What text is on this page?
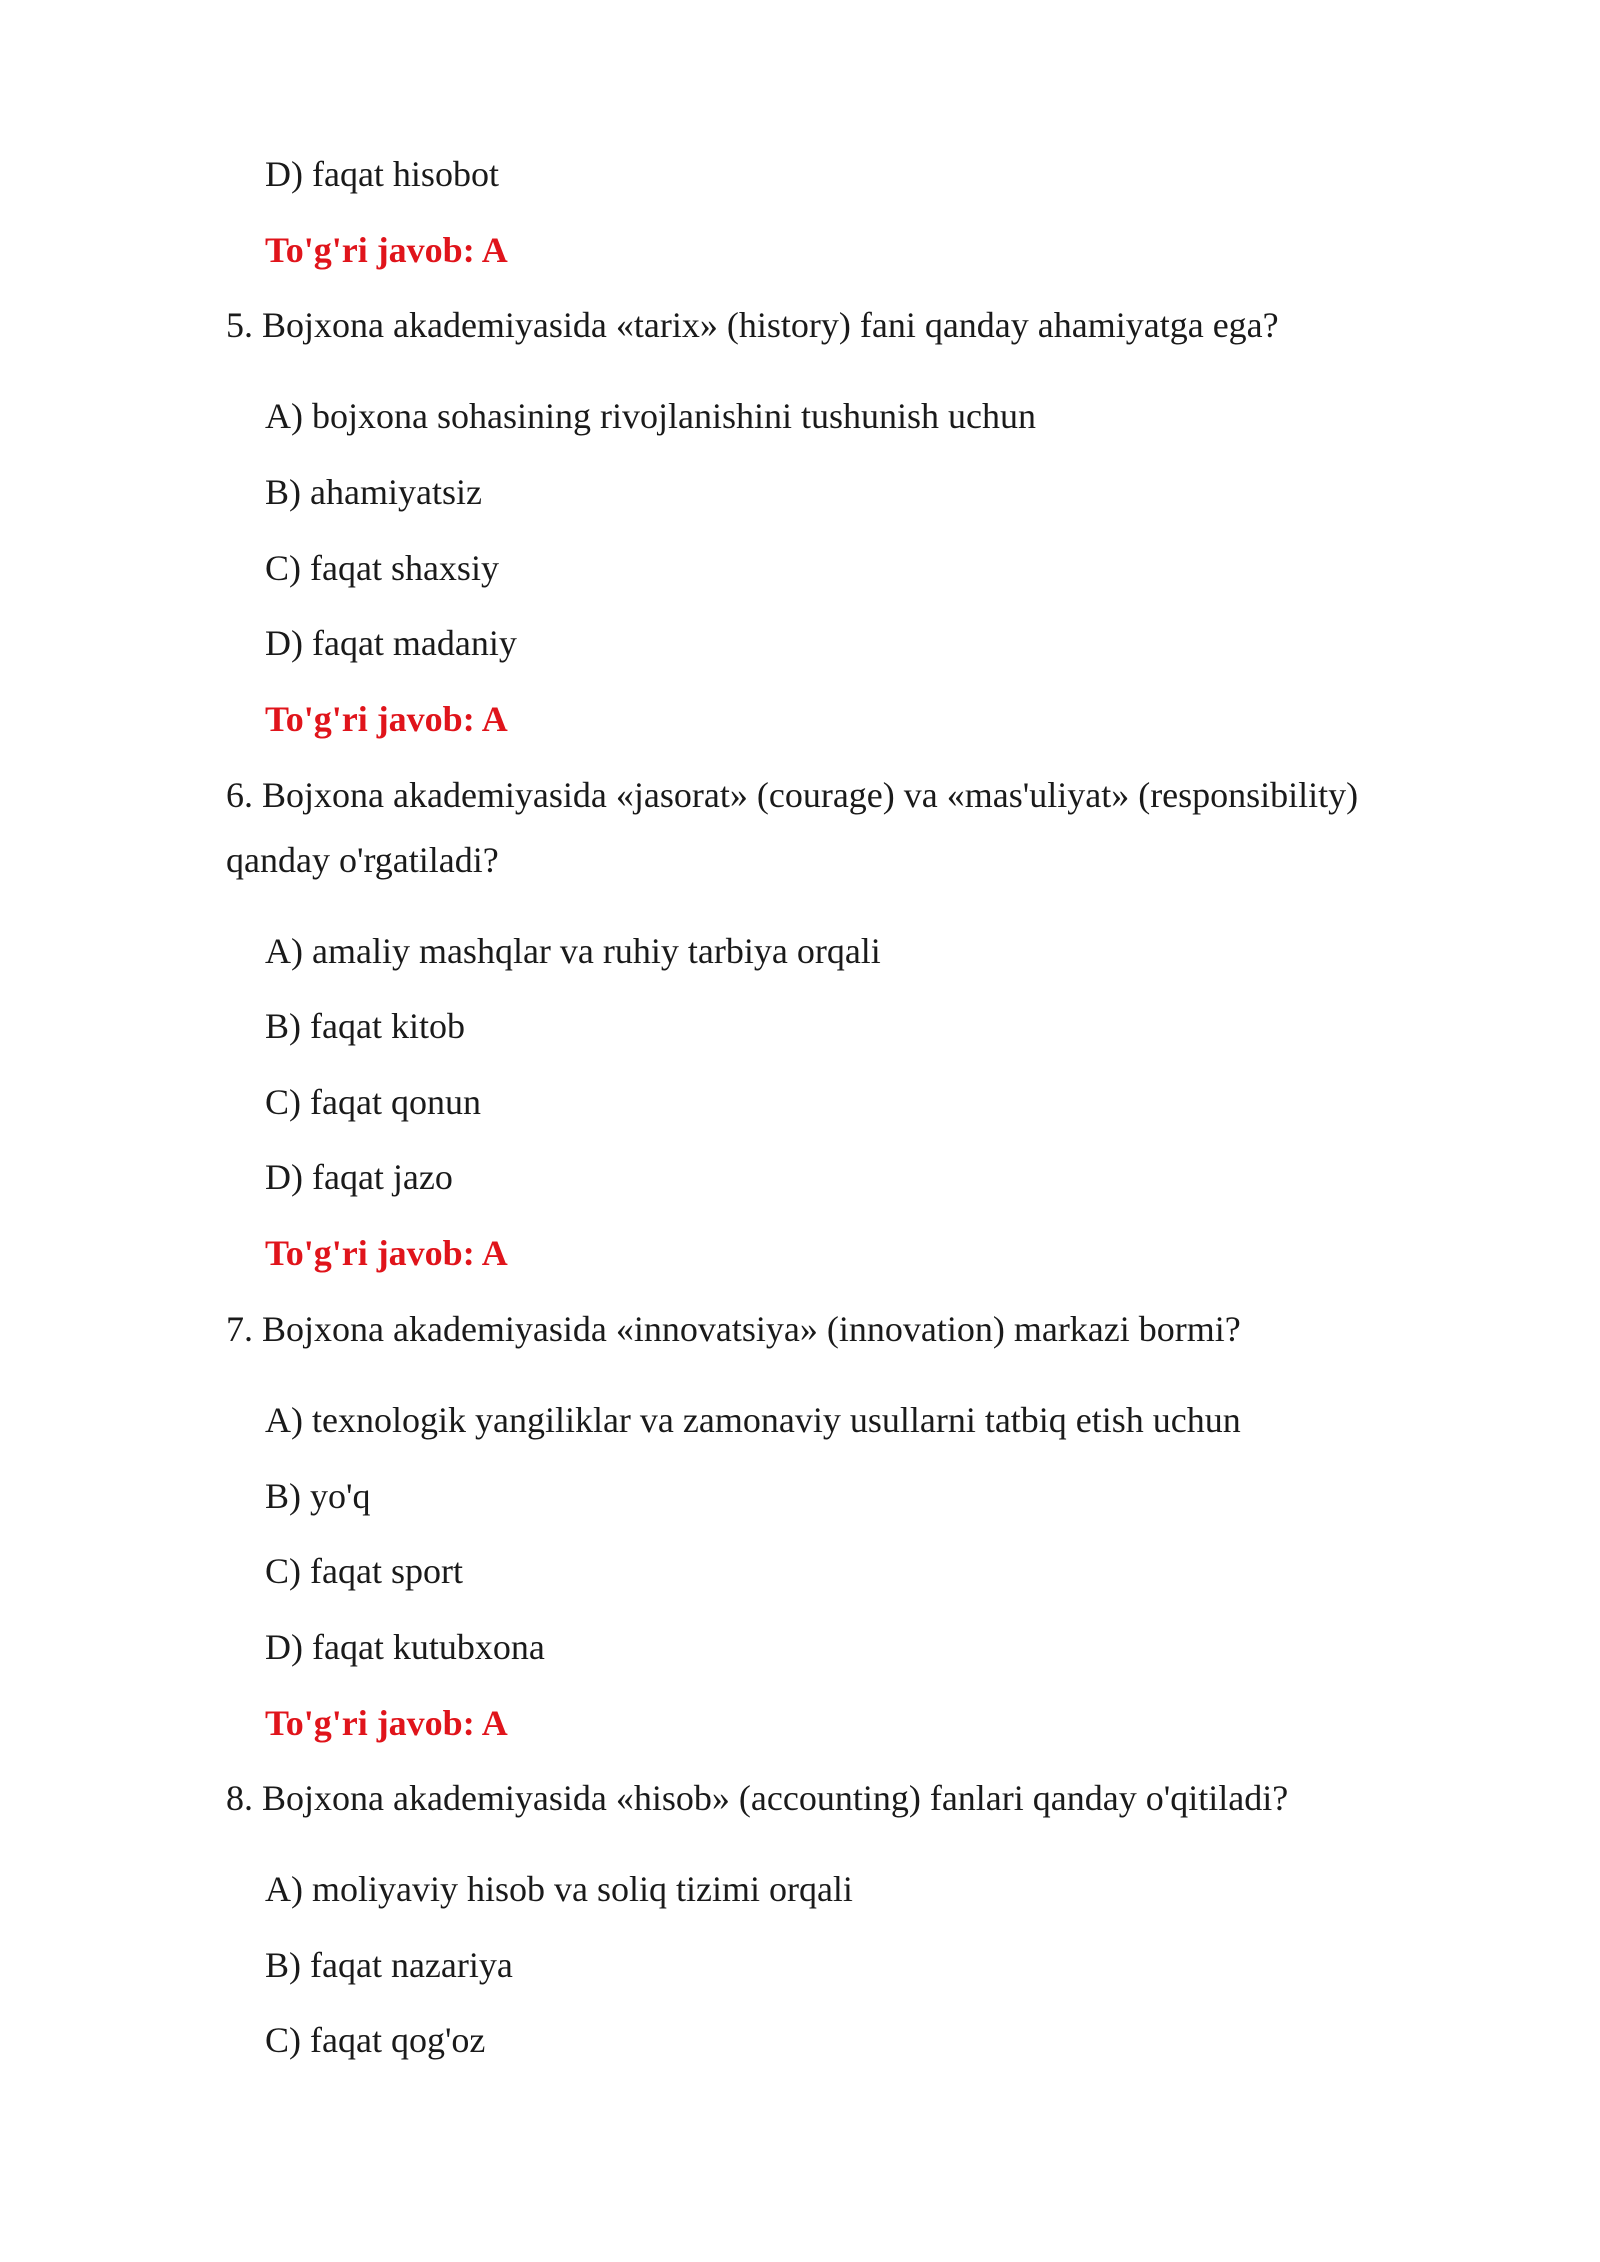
D) faqat hisobot
To'g'ri javob: A
5. Bojxona akademiyasida «tarix» (history) fani qanday ahamiyatga ega?
A) bojxona sohasining rivojlanishini tushunish uchun
B) ahamiyatsiz
C) faqat shaxsiy
D) faqat madaniy
To'g'ri javob: A
6. Bojxona akademiyasida «jasorat» (courage) va «mas'uliyat» (responsibility)
qanday o'rgatiladi?
A) amaliy mashqlar va ruhiy tarbiya orqali
B) faqat kitob
C) faqat qonun
D) faqat jazo
To'g'ri javob: A
7. Bojxona akademiyasida «innovatsiya» (innovation) markazi bormi?
A) texnologik yangiliklar va zamonaviy usullarni tatbiq etish uchun
B) yo'q
C) faqat sport
D) faqat kutubxona
To'g'ri javob: A
8. Bojxona akademiyasida «hisob» (accounting) fanlari qanday o'qitiladi?
A) moliyaviy hisob va soliq tizimi orqali
B) faqat nazariya
C) faqat qog'oz
